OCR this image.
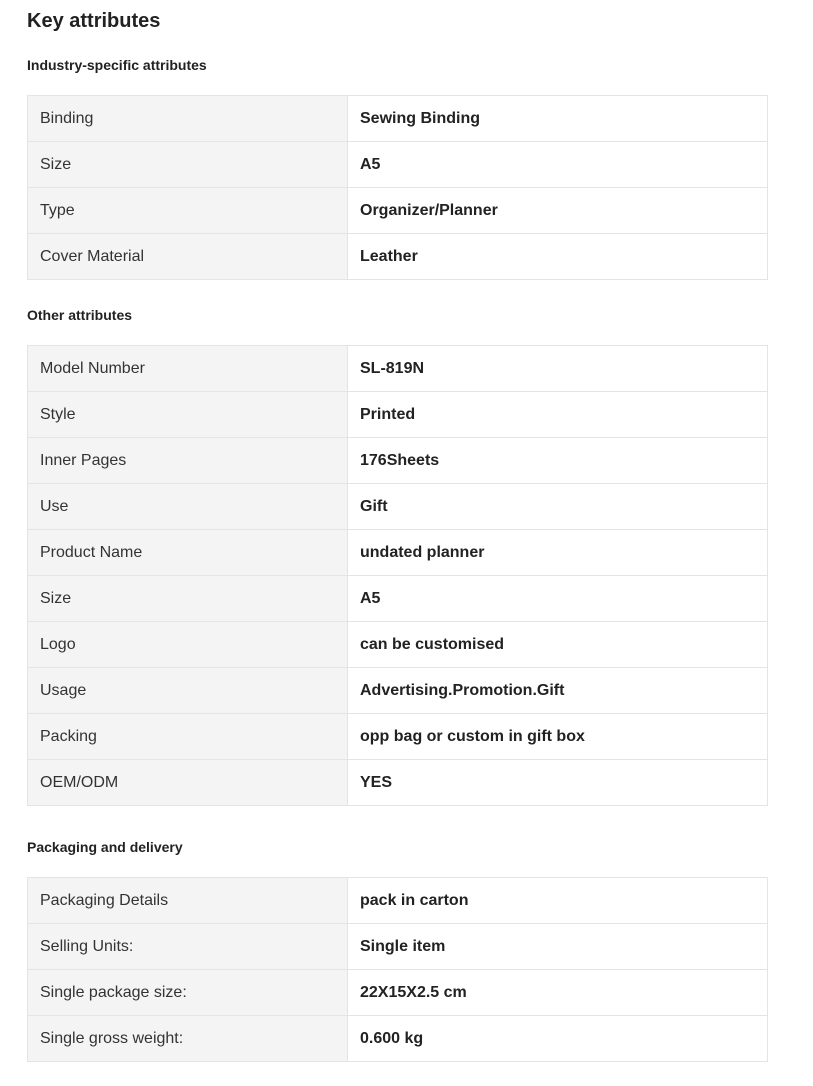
Key attributes
Industry-specific attributes
Binding	Sewing Binding
Size	A5
Type	Organizer/Planner
Cover Material	Leather
Other attributes
Model Number	SL-819N
Style	Printed
Inner Pages	176Sheets
Use	Gift
Product Name	undated planner
Size	A5
Logo	can be customised
Usage	Advertising.Promotion.Gift
Packing	opp bag or custom in gift box
OEM/ODM	YES
Packaging and delivery
Packaging Details	pack in carton
Selling Units:	Single item
Single package size:	22X15X2.5 cm
Single gross weight:	0.600 kg
